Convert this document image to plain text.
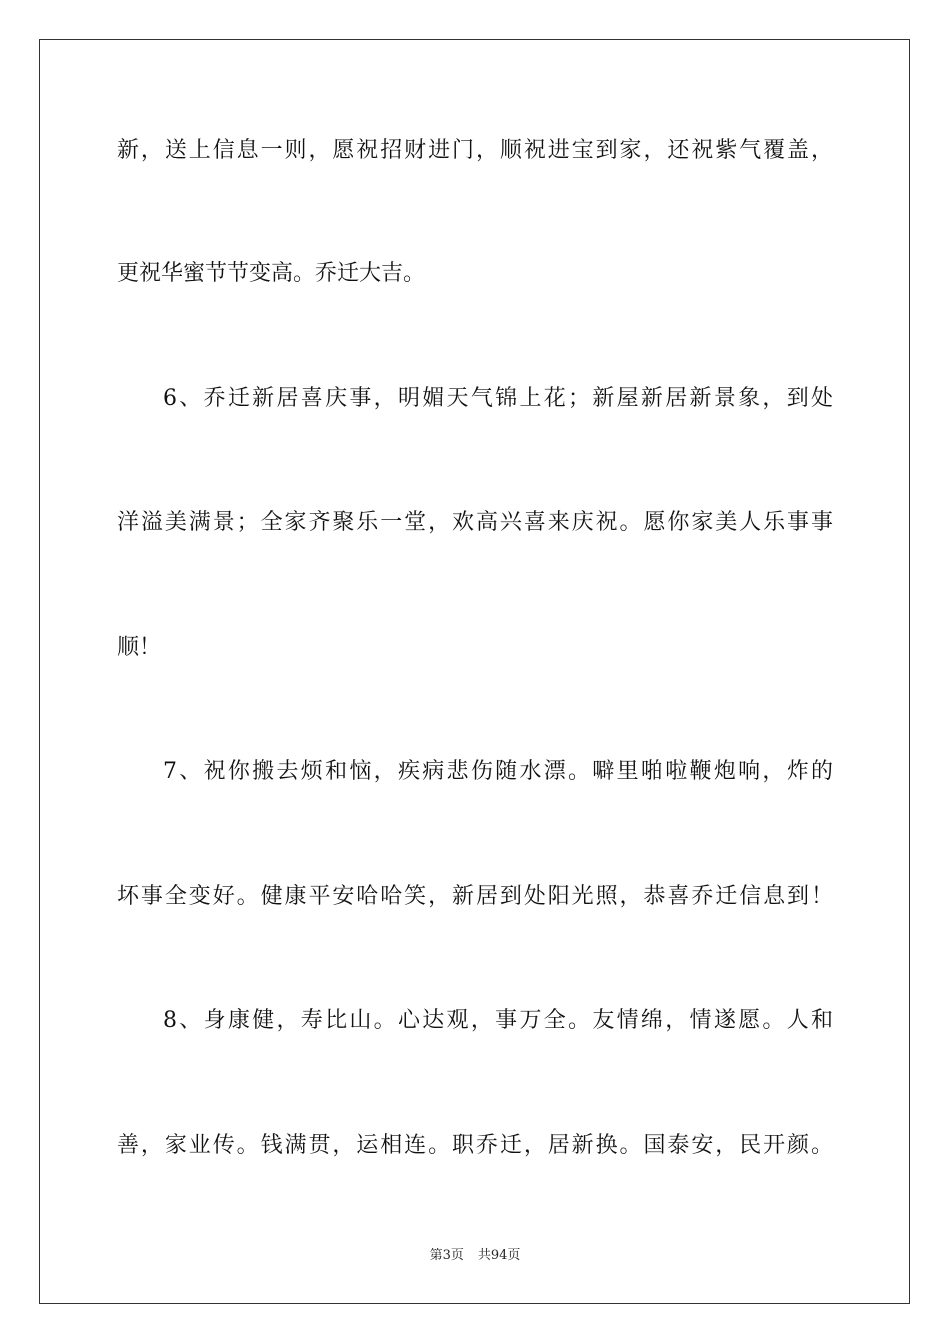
新，送上信息一则，愿祝招财进门，顺祝进宝到家，还祝紫气覆盖，
更祝华蜜节节变高。乔迁大吉。
6、乔迁新居喜庆事，明媚天气锦上花；新屋新居新景象，到处
洋溢美满景；全家齐聚乐一堂，欢高兴喜来庆祝。愿你家美人乐事事
顺！
7、祝你搬去烦和恼，疾病悲伤随水漂。噼里啪啦鞭炮响，炸的
坏事全变好。健康平安哈哈笑，新居到处阳光照，恭喜乔迁信息到！
8、身康健，寿比山。心达观，事万全。友情绵，情遂愿。人和
善，家业传。钱满贯，运相连。职乔迁，居新换。国泰安，民开颜。
第3页 共94页
